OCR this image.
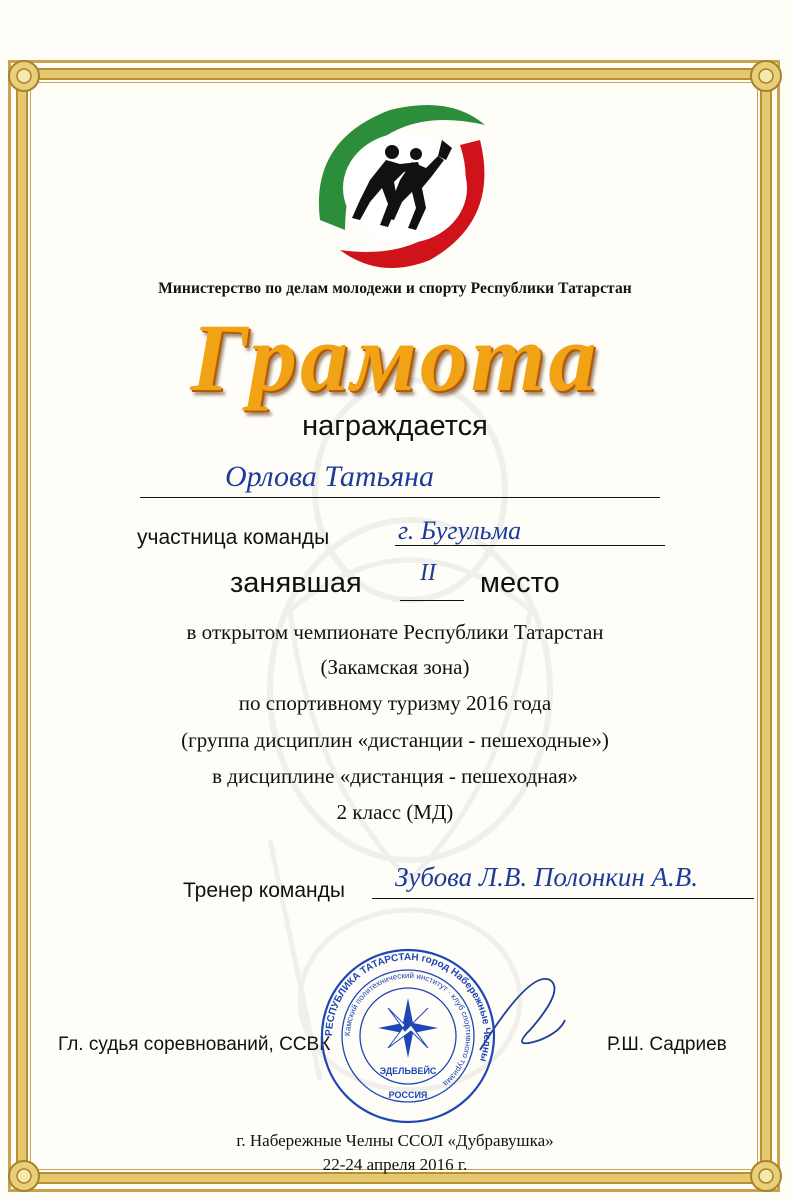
Министерство по делам молодежи и спорту Республики Татарстан
Грамота
награждается
Орлова Татьяна
участница команды	г. Бугульма
занявшая II место
в открытом чемпионате Республики Татарстан
(Закамская зона)
по спортивному туризму 2016 года
(группа дисциплин «дистанции - пешеходные»)
в дисциплине «дистанция - пешеходная»
2 класс (МД)
Тренер команды Зубова Л.В. Полонкин А.В.
Гл. судья соревнований, ССВК	Р.Ш. Садриев
РЕСПУБЛИКА ТАТАРСТАН город Набережные Челны
Камский политехнический институт · клуб спортивного туризма
ЭДЕЛЬВЕЙС
РОССИЯ
г. Набережные Челны ССОЛ «Дубравушка»
22-24 апреля 2016 г.
